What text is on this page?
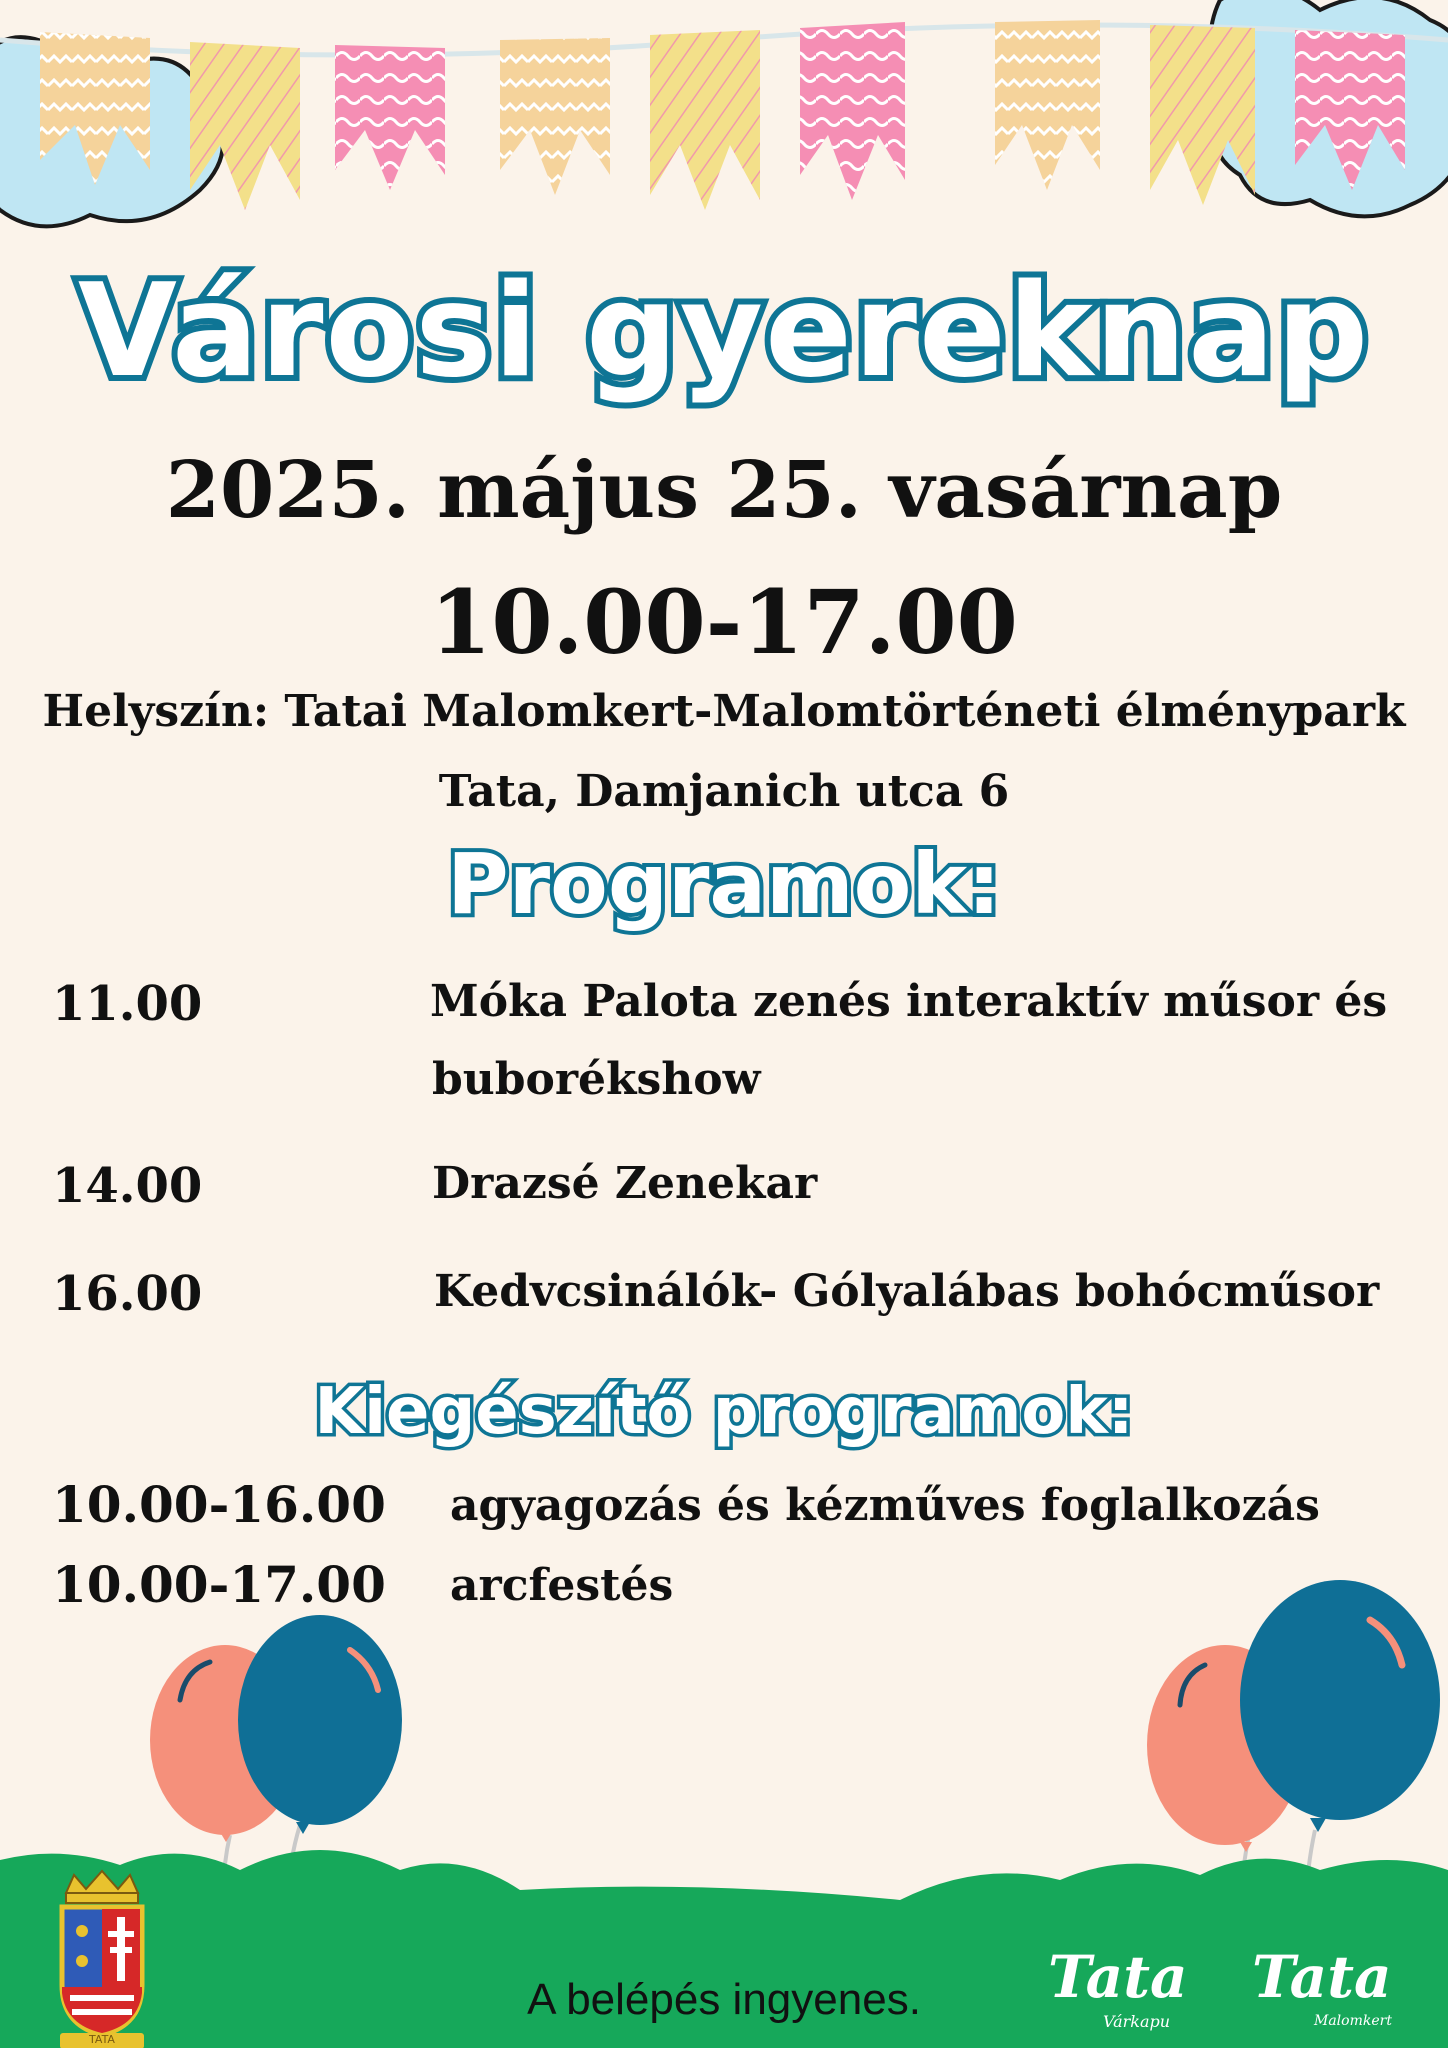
Városi gyereknap
2025. május 25. vasárnap
10.00-17.00
Helyszín: Tatai Malomkert-Malomtörténeti élménypark
Tata, Damjanich utca 6
Programok:
11.00	Móka Palota zenés interaktív műsor és
buborékshow
14.00	Drazsé Zenekar
16.00	Kedvcsinálók- Gólyalábas bohócműsor
Kiegészítő programok:
10.00-16.00 agyagozás és kézműves foglalkozás
10.00-17.00 arcfestés
A belépés ingyenes.
TATA
Tata
Várkapu
Tata
Malomkert
